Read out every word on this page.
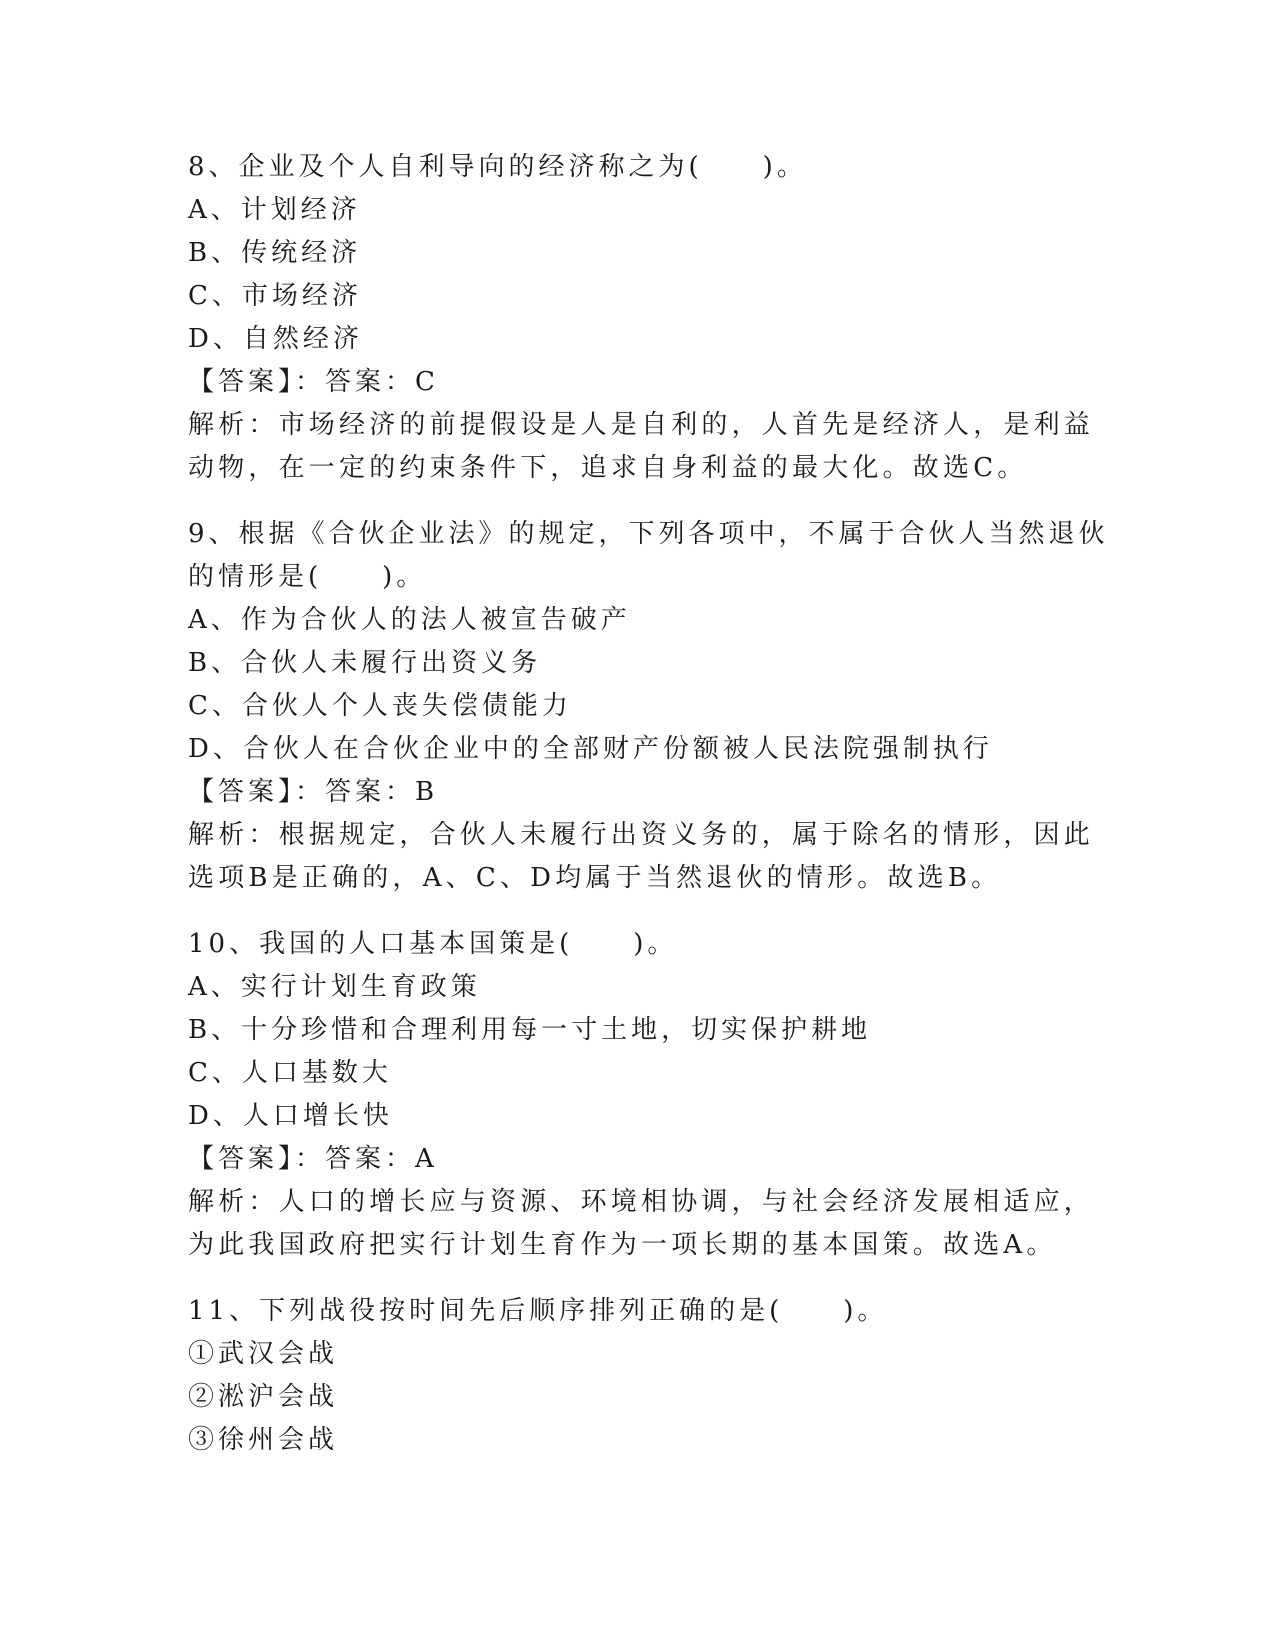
8、企业及个人自利导向的经济称之为(　　)。
A、计划经济
B、传统经济
C、市场经济
D、自然经济
【答案】：答案：C
解析：市场经济的前提假设是人是自利的，人首先是经济人，是利益
动物，在一定的约束条件下，追求自身利益的最大化。故选C。
9、根据《合伙企业法》的规定，下列各项中，不属于合伙人当然退伙
的情形是(　　)。
A、作为合伙人的法人被宣告破产
B、合伙人未履行出资义务
C、合伙人个人丧失偿债能力
D、合伙人在合伙企业中的全部财产份额被人民法院强制执行
【答案】：答案：B
解析：根据规定，合伙人未履行出资义务的，属于除名的情形，因此
选项B是正确的，A、C、D均属于当然退伙的情形。故选B。
10、我国的人口基本国策是(　　)。
A、实行计划生育政策
B、十分珍惜和合理利用每一寸土地，切实保护耕地
C、人口基数大
D、人口增长快
【答案】：答案：A
解析：人口的增长应与资源、环境相协调，与社会经济发展相适应，
为此我国政府把实行计划生育作为一项长期的基本国策。故选A。
11、下列战役按时间先后顺序排列正确的是(　　)。
①武汉会战
②淞沪会战
③徐州会战
